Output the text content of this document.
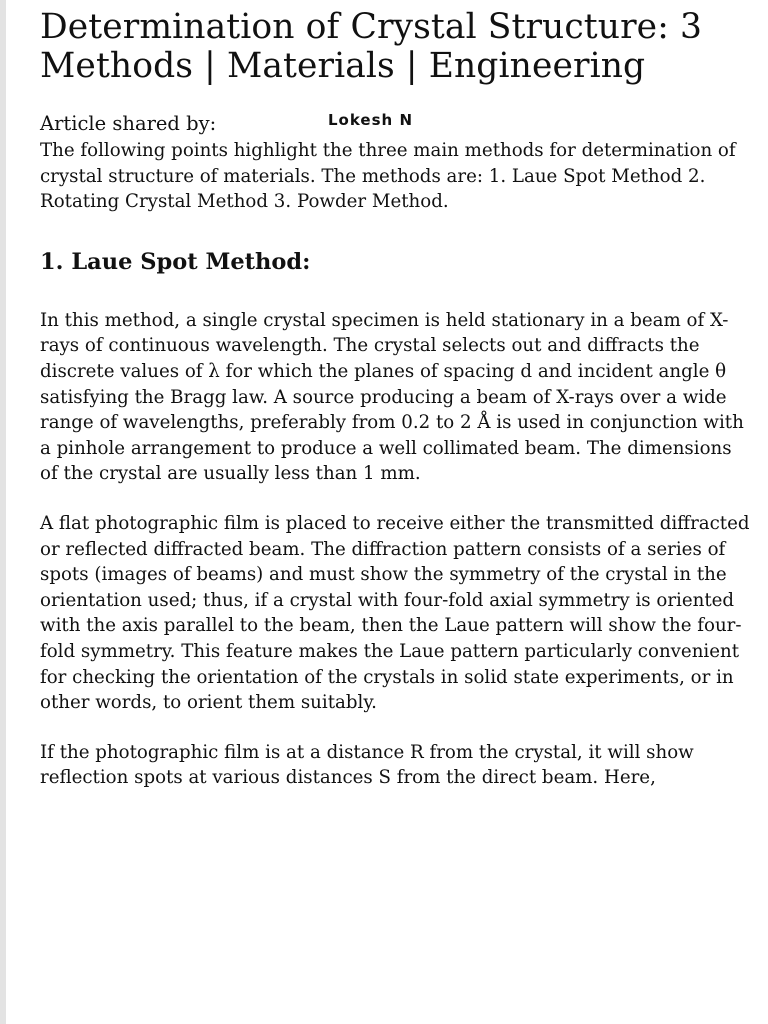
Determination of Crystal Structure: 3 Methods | Materials | Engineering
Article shared by:	Lokesh N

The following points highlight the three main methods for determination of crystal structure of materials. The methods are: 1. Laue Spot Method 2. Rotating Crystal Method 3. Powder Method.

1. Laue Spot Method:

In this method, a single crystal specimen is held stationary in a beam of X-rays of continuous wavelength. The crystal selects out and diffracts the discrete values of λ for which the planes of spacing d and incident angle θ satisfying the Bragg law. A source producing a beam of X-rays over a wide range of wavelengths, preferably from 0.2 to 2 Å is used in conjunction with a pinhole arrangement to produce a well collimated beam. The dimensions of the crystal are usually less than 1 mm.

A flat photographic film is placed to receive either the transmitted diffracted or reflected diffracted beam. The diffraction pattern consists of a series of spots (images of beams) and must show the symmetry of the crystal in the orientation used; thus, if a crystal with four-fold axial symmetry is oriented with the axis parallel to the beam, then the Laue pattern will show the four-fold symmetry. This feature makes the Laue pattern particularly convenient for checking the orientation of the crystals in solid state experiments, or in other words, to orient them suitably.

If the photographic film is at a distance R from the crystal, it will show reflection spots at various distances S from the direct beam. Here,
